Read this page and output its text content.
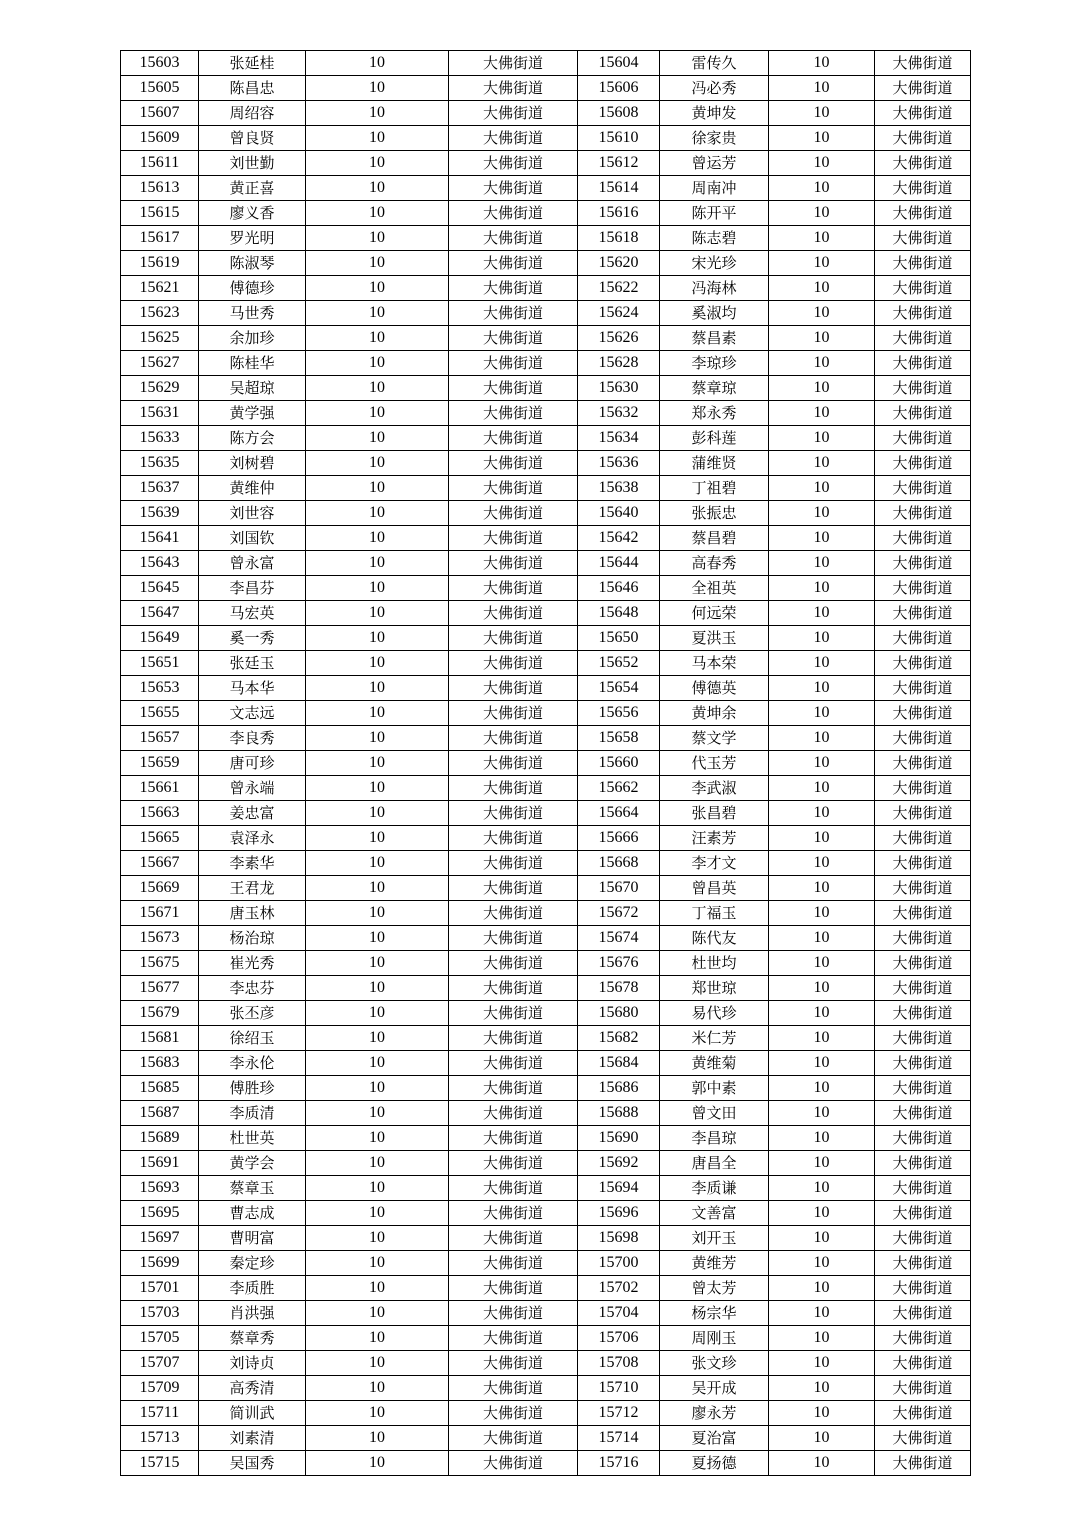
15603	张延桂	10	大佛街道	15604	雷传久	10	大佛街道
15605	陈昌忠	10	大佛街道	15606	冯必秀	10	大佛街道
15607	周绍容	10	大佛街道	15608	黄坤发	10	大佛街道
15609	曾良贤	10	大佛街道	15610	徐家贵	10	大佛街道
15611	刘世勤	10	大佛街道	15612	曾运芳	10	大佛街道
15613	黄正喜	10	大佛街道	15614	周南冲	10	大佛街道
15615	廖义香	10	大佛街道	15616	陈开平	10	大佛街道
15617	罗光明	10	大佛街道	15618	陈志碧	10	大佛街道
15619	陈淑琴	10	大佛街道	15620	宋光珍	10	大佛街道
15621	傅德珍	10	大佛街道	15622	冯海林	10	大佛街道
15623	马世秀	10	大佛街道	15624	奚淑均	10	大佛街道
15625	余加珍	10	大佛街道	15626	蔡昌素	10	大佛街道
15627	陈桂华	10	大佛街道	15628	李琼珍	10	大佛街道
15629	吴超琼	10	大佛街道	15630	蔡章琼	10	大佛街道
15631	黄学强	10	大佛街道	15632	郑永秀	10	大佛街道
15633	陈方会	10	大佛街道	15634	彭科莲	10	大佛街道
15635	刘树碧	10	大佛街道	15636	蒲维贤	10	大佛街道
15637	黄维仲	10	大佛街道	15638	丁祖碧	10	大佛街道
15639	刘世容	10	大佛街道	15640	张振忠	10	大佛街道
15641	刘国钦	10	大佛街道	15642	蔡昌碧	10	大佛街道
15643	曾永富	10	大佛街道	15644	高春秀	10	大佛街道
15645	李昌芬	10	大佛街道	15646	全祖英	10	大佛街道
15647	马宏英	10	大佛街道	15648	何远荣	10	大佛街道
15649	奚一秀	10	大佛街道	15650	夏洪玉	10	大佛街道
15651	张廷玉	10	大佛街道	15652	马本荣	10	大佛街道
15653	马本华	10	大佛街道	15654	傅德英	10	大佛街道
15655	文志远	10	大佛街道	15656	黄坤余	10	大佛街道
15657	李良秀	10	大佛街道	15658	蔡文学	10	大佛街道
15659	唐可珍	10	大佛街道	15660	代玉芳	10	大佛街道
15661	曾永端	10	大佛街道	15662	李武淑	10	大佛街道
15663	姜忠富	10	大佛街道	15664	张昌碧	10	大佛街道
15665	袁泽永	10	大佛街道	15666	汪素芳	10	大佛街道
15667	李素华	10	大佛街道	15668	李才文	10	大佛街道
15669	王君龙	10	大佛街道	15670	曾昌英	10	大佛街道
15671	唐玉林	10	大佛街道	15672	丁福玉	10	大佛街道
15673	杨治琼	10	大佛街道	15674	陈代友	10	大佛街道
15675	崔光秀	10	大佛街道	15676	杜世均	10	大佛街道
15677	李忠芬	10	大佛街道	15678	郑世琼	10	大佛街道
15679	张丕彦	10	大佛街道	15680	易代珍	10	大佛街道
15681	徐绍玉	10	大佛街道	15682	米仁芳	10	大佛街道
15683	李永伦	10	大佛街道	15684	黄维菊	10	大佛街道
15685	傅胜珍	10	大佛街道	15686	郭中素	10	大佛街道
15687	李质清	10	大佛街道	15688	曾文田	10	大佛街道
15689	杜世英	10	大佛街道	15690	李昌琼	10	大佛街道
15691	黄学会	10	大佛街道	15692	唐昌全	10	大佛街道
15693	蔡章玉	10	大佛街道	15694	李质谦	10	大佛街道
15695	曹志成	10	大佛街道	15696	文善富	10	大佛街道
15697	曹明富	10	大佛街道	15698	刘开玉	10	大佛街道
15699	秦定珍	10	大佛街道	15700	黄维芳	10	大佛街道
15701	李质胜	10	大佛街道	15702	曾太芳	10	大佛街道
15703	肖洪强	10	大佛街道	15704	杨宗华	10	大佛街道
15705	蔡章秀	10	大佛街道	15706	周刚玉	10	大佛街道
15707	刘诗贞	10	大佛街道	15708	张文珍	10	大佛街道
15709	高秀清	10	大佛街道	15710	吴开成	10	大佛街道
15711	简训武	10	大佛街道	15712	廖永芳	10	大佛街道
15713	刘素清	10	大佛街道	15714	夏治富	10	大佛街道
15715	吴国秀	10	大佛街道	15716	夏扬德	10	大佛街道
